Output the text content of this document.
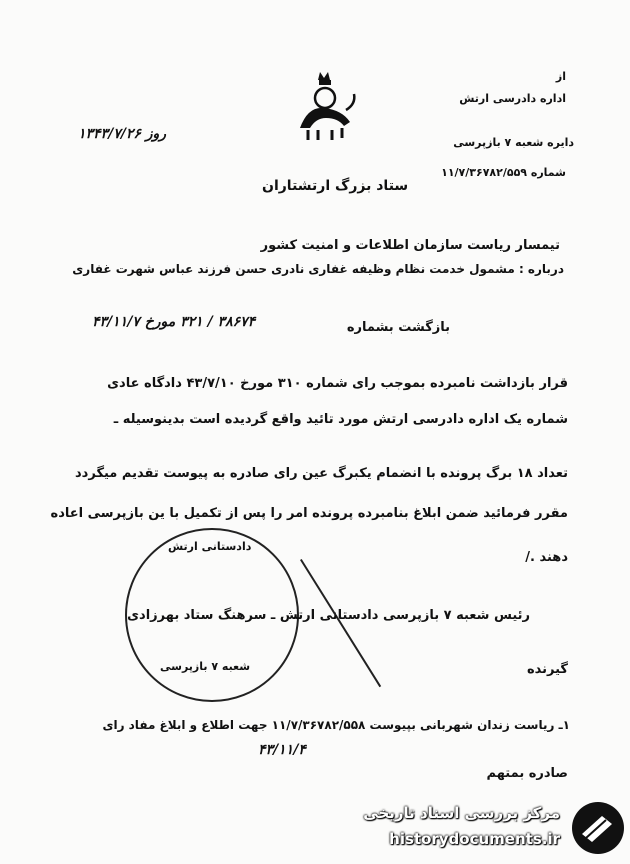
از
اداره دادرسی ارتش
دایره شعبه ۷ بازپرسی
شماره ۱۱/۷/۳۶۷۸۲/۵۵۹
روز ۱۳۴۳/۷/۲۶
ستاد بزرگ ارتشتاران
تیمسار ریاست سازمان اطلاعات و امنیت کشور
درباره : مشمول خدمت نظام وظیفه غفاری نادری حسن فرزند عباس شهرت غفاری
بازگشت بشماره
۳۸۶۷۴ / ۳۲۱ مورخ ۴۳/۱۱/۷
قرار بازداشت نامبرده بموجب رای شماره ۳۱۰ مورخ ۴۳/۷/۱۰ دادگاه عادی
شماره یک اداره دادرسی ارتش مورد تائید واقع گردیده است بدینوسیله ـ
تعداد ۱۸ برگ پرونده با انضمام یکبرگ عین رای صادره به پیوست تقدیم میگردد
مقرر فرمائید ضمن ابلاغ بنامبرده پرونده امر را پس از تکمیل با ین بازپرسی اعاده
دهند ./
دادستانی ارتش
شعبه ۷ بازپرسی
رئیس شعبه ۷ بازپرسی دادستانی ارتش ـ سرهنگ ستاد بهرزادی
گیرنده
۱ـ ریاست زندان شهربانی بپیوست ۱۱/۷/۳۶۷۸۲/۵۵۸ جهت اطلاع و ابلاغ مفاد رای
۴۳/۱۱/۴
صادره بمتهم
مرکز بررسی اسناد تاریخی
historydocuments.ir
